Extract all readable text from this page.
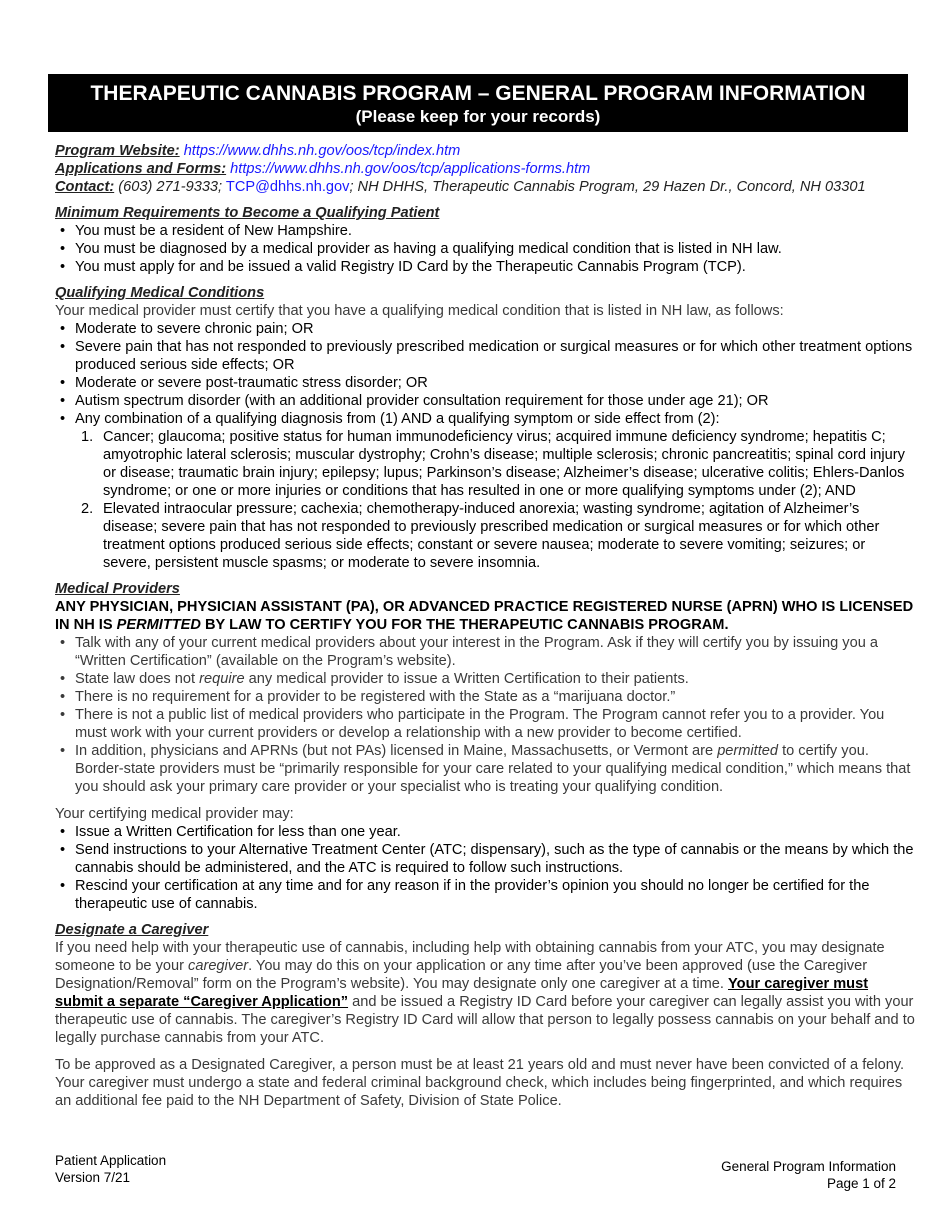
THERAPEUTIC CANNABIS PROGRAM – GENERAL PROGRAM INFORMATION
(Please keep for your records)

Program Website: https://www.dhhs.nh.gov/oos/tcp/index.htm

Applications and Forms: https://www.dhhs.nh.gov/oos/tcp/applications-forms.htm

Contact: (603) 271-9333; TCP@dhhs.nh.gov; NH DHHS, Therapeutic Cannabis Program, 29 Hazen Dr., Concord, NH 03301

Minimum Requirements to Become a Qualifying Patient

• You must be a resident of New Hampshire.
• You must be diagnosed by a medical provider as having a qualifying medical condition that is listed in NH law.
• You must apply for and be issued a valid Registry ID Card by the Therapeutic Cannabis Program (TCP).

Qualifying Medical Conditions

Your medical provider must certify that you have a qualifying medical condition that is listed in NH law, as follows:

• Moderate to severe chronic pain; OR
• Severe pain that has not responded to previously prescribed medication or surgical measures or for which other treatment options produced serious side effects; OR
• Moderate or severe post-traumatic stress disorder; OR
• Autism spectrum disorder (with an additional provider consultation requirement for those under age 21); OR
• Any combination of a qualifying diagnosis from (1) AND a qualifying symptom or side effect from (2):
1. Cancer; glaucoma; positive status for human immunodeficiency virus; acquired immune deficiency syndrome; hepatitis C; amyotrophic lateral sclerosis; muscular dystrophy; Crohn’s disease; multiple sclerosis; chronic pancreatitis; spinal cord injury or disease; traumatic brain injury; epilepsy; lupus; Parkinson’s disease; Alzheimer’s disease; ulcerative colitis; Ehlers-Danlos syndrome; or one or more injuries or conditions that has resulted in one or more qualifying symptoms under (2); AND
2. Elevated intraocular pressure; cachexia; chemotherapy-induced anorexia; wasting syndrome; agitation of Alzheimer’s disease; severe pain that has not responded to previously prescribed medication or surgical measures or for which other treatment options produced serious side effects; constant or severe nausea; moderate to severe vomiting; seizures; or severe, persistent muscle spasms; or moderate to severe insomnia.

Medical Providers

ANY PHYSICIAN, PHYSICIAN ASSISTANT (PA), OR ADVANCED PRACTICE REGISTERED NURSE (APRN) WHO IS LICENSED IN NH IS PERMITTED BY LAW TO CERTIFY YOU FOR THE THERAPEUTIC CANNABIS PROGRAM.

• Talk with any of your current medical providers about your interest in the Program. Ask if they will certify you by issuing you a “Written Certification” (available on the Program’s website).
• State law does not require any medical provider to issue a Written Certification to their patients.
• There is no requirement for a provider to be registered with the State as a “marijuana doctor.”
• There is not a public list of medical providers who participate in the Program. The Program cannot refer you to a provider. You must work with your current providers or develop a relationship with a new provider to become certified.
• In addition, physicians and APRNs (but not PAs) licensed in Maine, Massachusetts, or Vermont are permitted to certify you. Border-state providers must be “primarily responsible for your care related to your qualifying medical condition,” which means that you should ask your primary care provider or your specialist who is treating your qualifying condition.

Your certifying medical provider may:

• Issue a Written Certification for less than one year.
• Send instructions to your Alternative Treatment Center (ATC; dispensary), such as the type of cannabis or the means by which the cannabis should be administered, and the ATC is required to follow such instructions.
• Rescind your certification at any time and for any reason if in the provider’s opinion you should no longer be certified for the therapeutic use of cannabis.

Designate a Caregiver

If you need help with your therapeutic use of cannabis, including help with obtaining cannabis from your ATC, you may designate someone to be your caregiver. You may do this on your application or any time after you’ve been approved (use the Caregiver Designation/Removal” form on the Program’s website). You may designate only one caregiver at a time. Your caregiver must submit a separate “Caregiver Application” and be issued a Registry ID Card before your caregiver can legally assist you with your therapeutic use of cannabis. The caregiver’s Registry ID Card will allow that person to legally possess cannabis on your behalf and to legally purchase cannabis from your ATC.

To be approved as a Designated Caregiver, a person must be at least 21 years old and must never have been convicted of a felony. Your caregiver must undergo a state and federal criminal background check, which includes being fingerprinted, and which requires an additional fee paid to the NH Department of Safety, Division of State Police.

Patient Application
Version 7/21
General Program Information
Page 1 of 2
